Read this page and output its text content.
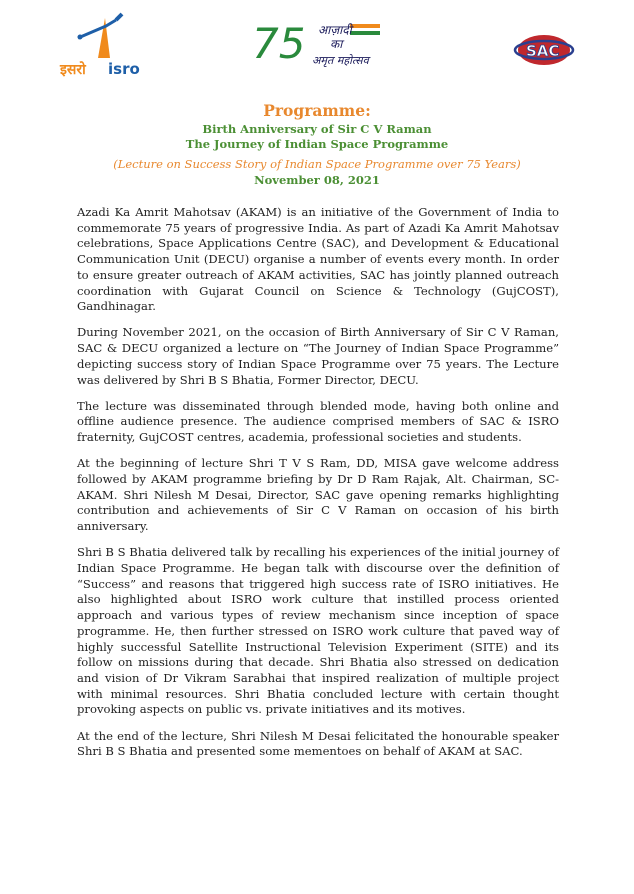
इसरो isro
75 आज़ादी
का
अमृत महोत्सव
SAC
Programme:
Birth Anniversary of Sir C V Raman
The Journey of Indian Space Programme
(Lecture on Success Story of Indian Space Programme over 75 Years)
November 08, 2021

Azadi Ka Amrit Mahotsav (AKAM) is an initiative of the Government of India to commemorate 75 years of progressive India. As part of Azadi Ka Amrit Mahotsav celebrations, Space Applications Centre (SAC), and Development & Educational Communication Unit (DECU) organise a number of events every month. In order to ensure greater outreach of AKAM activities, SAC has jointly planned outreach coordination with Gujarat Council on Science & Technology (GujCOST), Gandhinagar.

During November 2021, on the occasion of Birth Anniversary of Sir C V Raman, SAC & DECU organized a lecture on “The Journey of Indian Space Programme” depicting success story of Indian Space Programme over 75 years. The Lecture was delivered by Shri B S Bhatia, Former Director, DECU.

The lecture was disseminated through blended mode, having both online and offline audience presence. The audience comprised members of SAC & ISRO fraternity, GujCOST centres, academia, professional societies and students.

At the beginning of lecture Shri T V S Ram, DD, MISA gave welcome address followed by AKAM programme briefing by Dr D Ram Rajak, Alt. Chairman, SC-AKAM. Shri Nilesh M Desai, Director, SAC gave opening remarks highlighting contribution and achievements of Sir C V Raman on occasion of his birth anniversary.

Shri B S Bhatia delivered talk by recalling his experiences of the initial journey of Indian Space Programme. He began talk with discourse over the definition of “Success” and reasons that triggered high success rate of ISRO initiatives. He also highlighted about ISRO work culture that instilled process oriented approach and various types of review mechanism since inception of space programme. He, then further stressed on ISRO work culture that paved way of highly successful Satellite Instructional Television Experiment (SITE) and its follow on missions during that decade. Shri Bhatia also stressed on dedication and vision of Dr Vikram Sarabhai that inspired realization of multiple project with minimal resources. Shri Bhatia concluded lecture with certain thought provoking aspects on public vs. private initiatives and its motives.

At the end of the lecture, Shri Nilesh M Desai felicitated the honourable speaker Shri B S Bhatia and presented some mementoes on behalf of AKAM at SAC.
